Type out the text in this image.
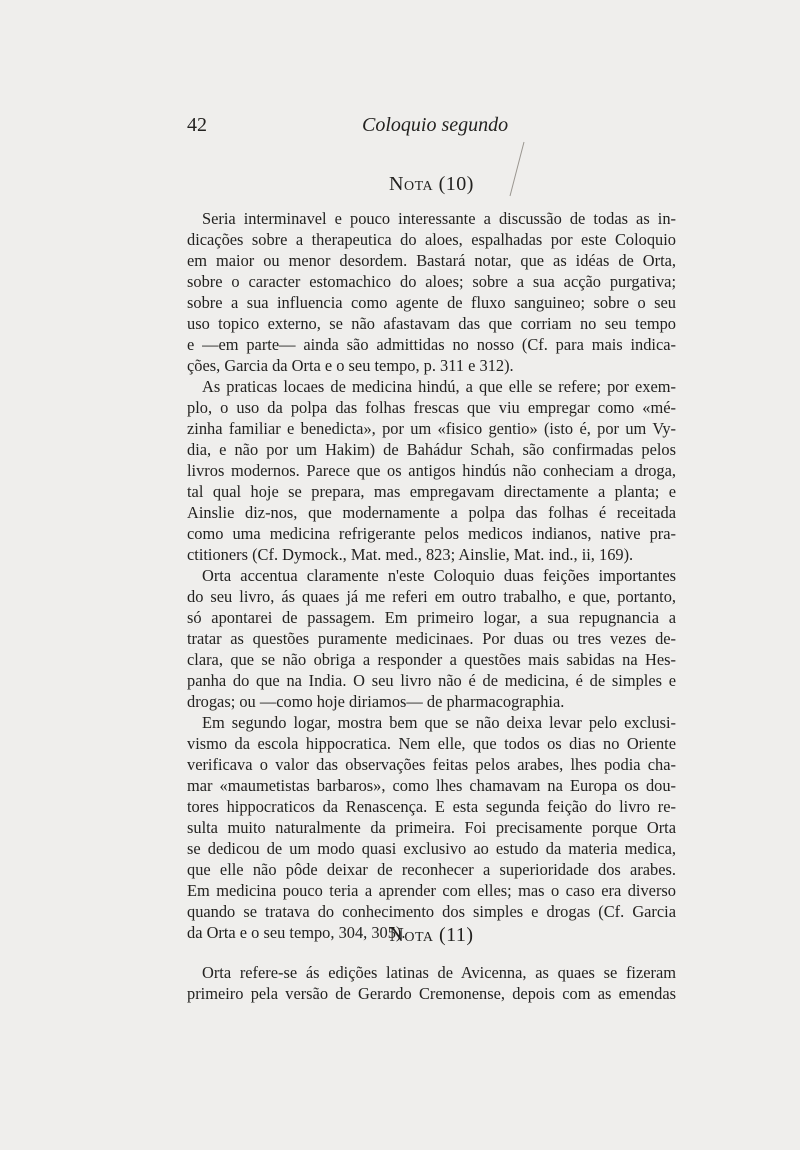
42	Coloquio segundo
Nota (10)
Seria interminavel e pouco interessante a discussão de todas as in-
dicações sobre a therapeutica do aloes, espalhadas por este Coloquio
em maior ou menor desordem. Bastará notar, que as idéas de Orta,
sobre o caracter estomachico do aloes; sobre a sua acção purgativa;
sobre a sua influencia como agente de fluxo sanguineo; sobre o seu
uso topico externo, se não afastavam das que corriam no seu tempo
e —em parte— ainda são admittidas no nosso (Cf. para mais indica-
ções, Garcia da Orta e o seu tempo, p. 311 e 312).
As praticas locaes de medicina hindú, a que elle se refere; por exem-
plo, o uso da polpa das folhas frescas que viu empregar como «mé-
zinha familiar e benedicta», por um «fisico gentio» (isto é, por um Vy-
dia, e não por um Hakim) de Bahádur Schah, são confirmadas pelos
livros modernos. Parece que os antigos hindús não conheciam a droga,
tal qual hoje se prepara, mas empregavam directamente a planta; e
Ainslie diz-nos, que modernamente a polpa das folhas é receitada
como uma medicina refrigerante pelos medicos indianos, native pra-
ctitioners (Cf. Dymock., Mat. med., 823; Ainslie, Mat. ind., ii, 169).
Orta accentua claramente n'este Coloquio duas feições importantes
do seu livro, ás quaes já me referi em outro trabalho, e que, portanto,
só apontarei de passagem. Em primeiro logar, a sua repugnancia a
tratar as questões puramente medicinaes. Por duas ou tres vezes de-
clara, que se não obriga a responder a questões mais sabidas na Hes-
panha do que na India. O seu livro não é de medicina, é de simples e
drogas; ou —como hoje diriamos— de pharmacographia.
Em segundo logar, mostra bem que se não deixa levar pelo exclusi-
vismo da escola hippocratica. Nem elle, que todos os dias no Oriente
verificava o valor das observações feitas pelos arabes, lhes podia cha-
mar «maumetistas barbaros», como lhes chamavam na Europa os dou-
tores hippocraticos da Renascença. E esta segunda feição do livro re-
sulta muito naturalmente da primeira. Foi precisamente porque Orta
se dedicou de um modo quasi exclusivo ao estudo da materia medica,
que elle não pôde deixar de reconhecer a superioridade dos arabes.
Em medicina pouco teria a aprender com elles; mas o caso era diverso
quando se tratava do conhecimento dos simples e drogas (Cf. Garcia
da Orta e o seu tempo, 304, 305).
Nota (11)
Orta refere-se ás edições latinas de Avicenna, as quaes se fizeram
primeiro pela versão de Gerardo Cremonense, depois com as emendas
